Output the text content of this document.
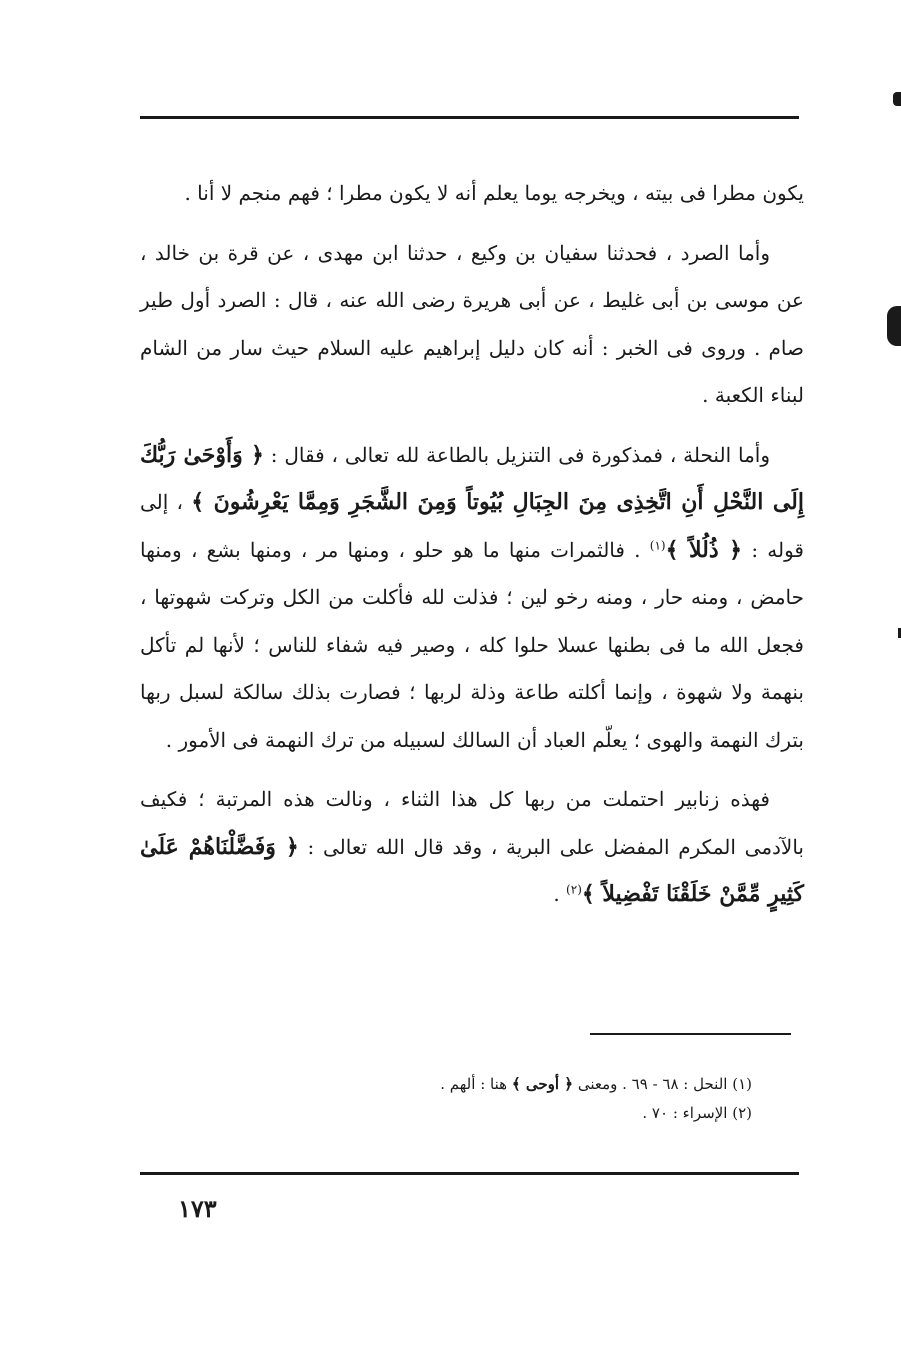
يكون مطرا فى بيته ، ويخرجه يوما يعلم أنه لا يكون مطرا ؛ فهم منجم لا أنا .

وأما الصرد ، فحدثنا سفيان بن وكيع ، حدثنا ابن مهدى ، عن قرة بن خالد ، عن موسى بن أبى غليط ، عن أبى هريرة رضى الله عنه ، قال : الصرد أول طير صام . وروى فى الخبر : أنه كان دليل إبراهيم عليه السلام حيث سار من الشام لبناء الكعبة .

وأما النحلة ، فمذكورة فى التنزيل بالطاعة لله تعالى ، فقال : ﴿ وَأَوْحَىٰ رَبُّكَ إِلَى النَّحْلِ أَنِ اتَّخِذِى مِنَ الجِبَالِ بُيُوتاً وَمِنَ الشَّجَرِ وَمِمَّا يَعْرِشُونَ ﴾ ، إلى قوله : ﴿ ذُلُلاً ﴾$^{(١)}$ . فالثمرات منها ما هو حلو ، ومنها مر ، ومنها بشع ، ومنها حامض ، ومنه حار ، ومنه رخو لين ؛ فذلت لله فأكلت من الكل وتركت شهوتها ، فجعل الله ما فى بطنها عسلا حلوا كله ، وصير فيه شفاء للناس ؛ لأنها لم تأكل بنهمة ولا شهوة ، وإنما أكلته طاعة وذلة لربها ؛ فصارت بذلك سالكة لسبل ربها بترك النهمة والهوى ؛ يعلّم العباد أن السالك لسبيله من ترك النهمة فى الأمور .

فهذه زنابير احتملت من ربها كل هذا الثناء ، ونالت هذه المرتبة ؛ فكيف بالآدمى المكرم المفضل على البرية ، وقد قال الله تعالى : ﴿ وَفَضَّلْنَاهُمْ عَلَىٰ كَثِيرٍ مِّمَّنْ خَلَقْنَا تَفْضِيلاً ﴾$^{(٢)}$ .

(١) النحل : ٦٨ - ٦٩ . ومعنى ﴿ أوحى ﴾ هنا : ألهم .
(٢) الإسراء : ٧٠ .
١٧٣
